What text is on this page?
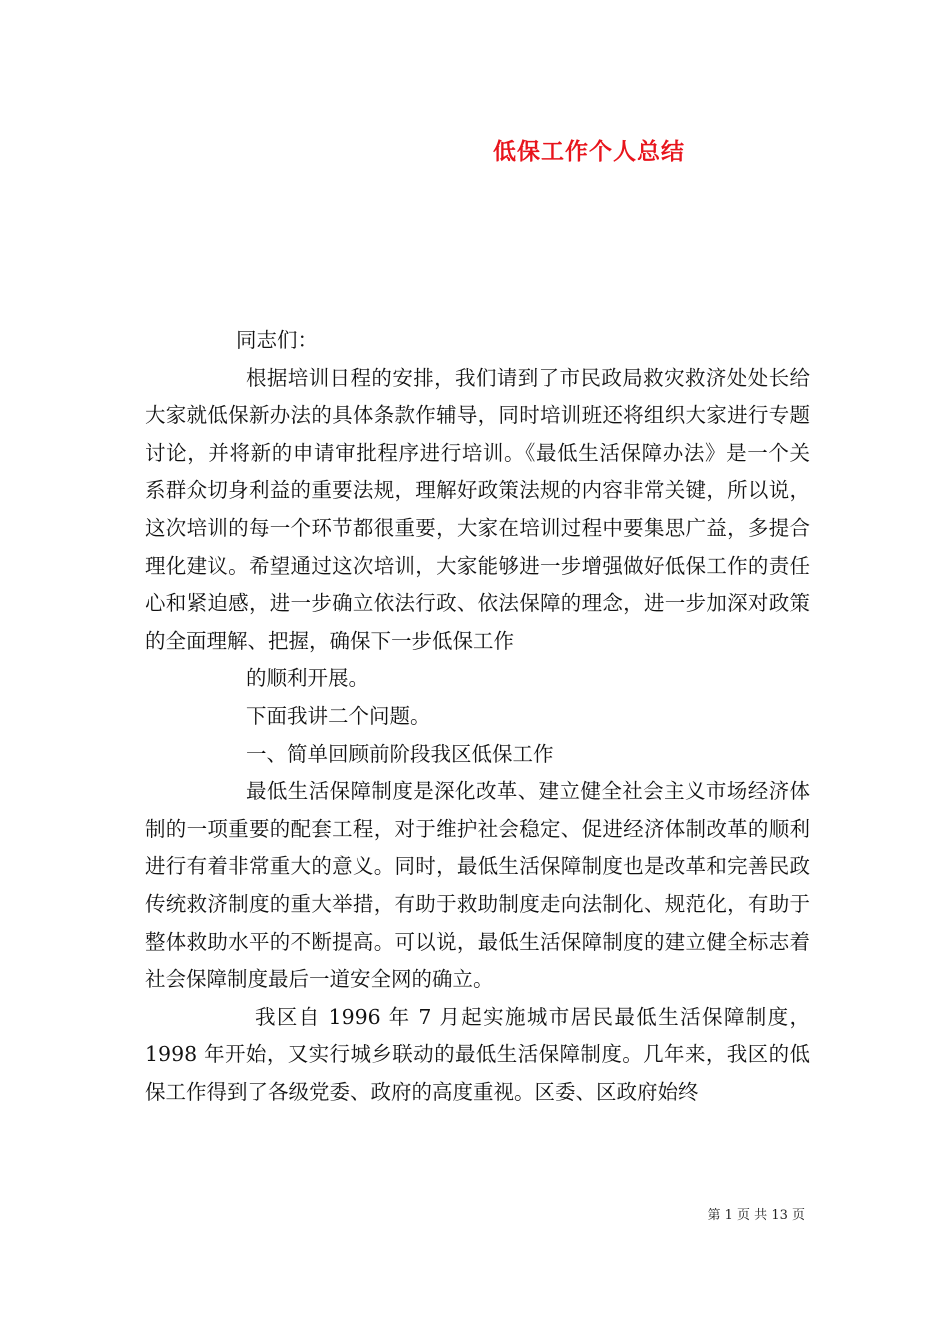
低保工作个人总结

同志们：

根据培训日程的安排，我们请到了市民政局救灾救济处处长给大家就低保新办法的具体条款作辅导，同时培训班还将组织大家进行专题讨论，并将新的申请审批程序进行培训。《最低生活保障办法》是一个关系群众切身利益的重要法规，理解好政策法规的内容非常关键，所以说，这次培训的每一个环节都很重要，大家在培训过程中要集思广益，多提合理化建议。希望通过这次培训，大家能够进一步增强做好低保工作的责任心和紧迫感，进一步确立依法行政、依法保障的理念，进一步加深对政策的全面理解、把握，确保下一步低保工作

的顺利开展。

下面我讲二个问题。

一、简单回顾前阶段我区低保工作

最低生活保障制度是深化改革、建立健全社会主义市场经济体制的一项重要的配套工程，对于维护社会稳定、促进经济体制改革的顺利进行有着非常重大的意义。同时，最低生活保障制度也是改革和完善民政传统救济制度的重大举措，有助于救助制度走向法制化、规范化，有助于整体救助水平的不断提高。可以说，最低生活保障制度的建立健全标志着社会保障制度最后一道安全网的确立。

我区自 1996 年 7 月起实施城市居民最低生活保障制度，1998 年开始，又实行城乡联动的最低生活保障制度。几年来，我区的低保工作得到了各级党委、政府的高度重视。区委、区政府始终

第 1 页 共 13 页
